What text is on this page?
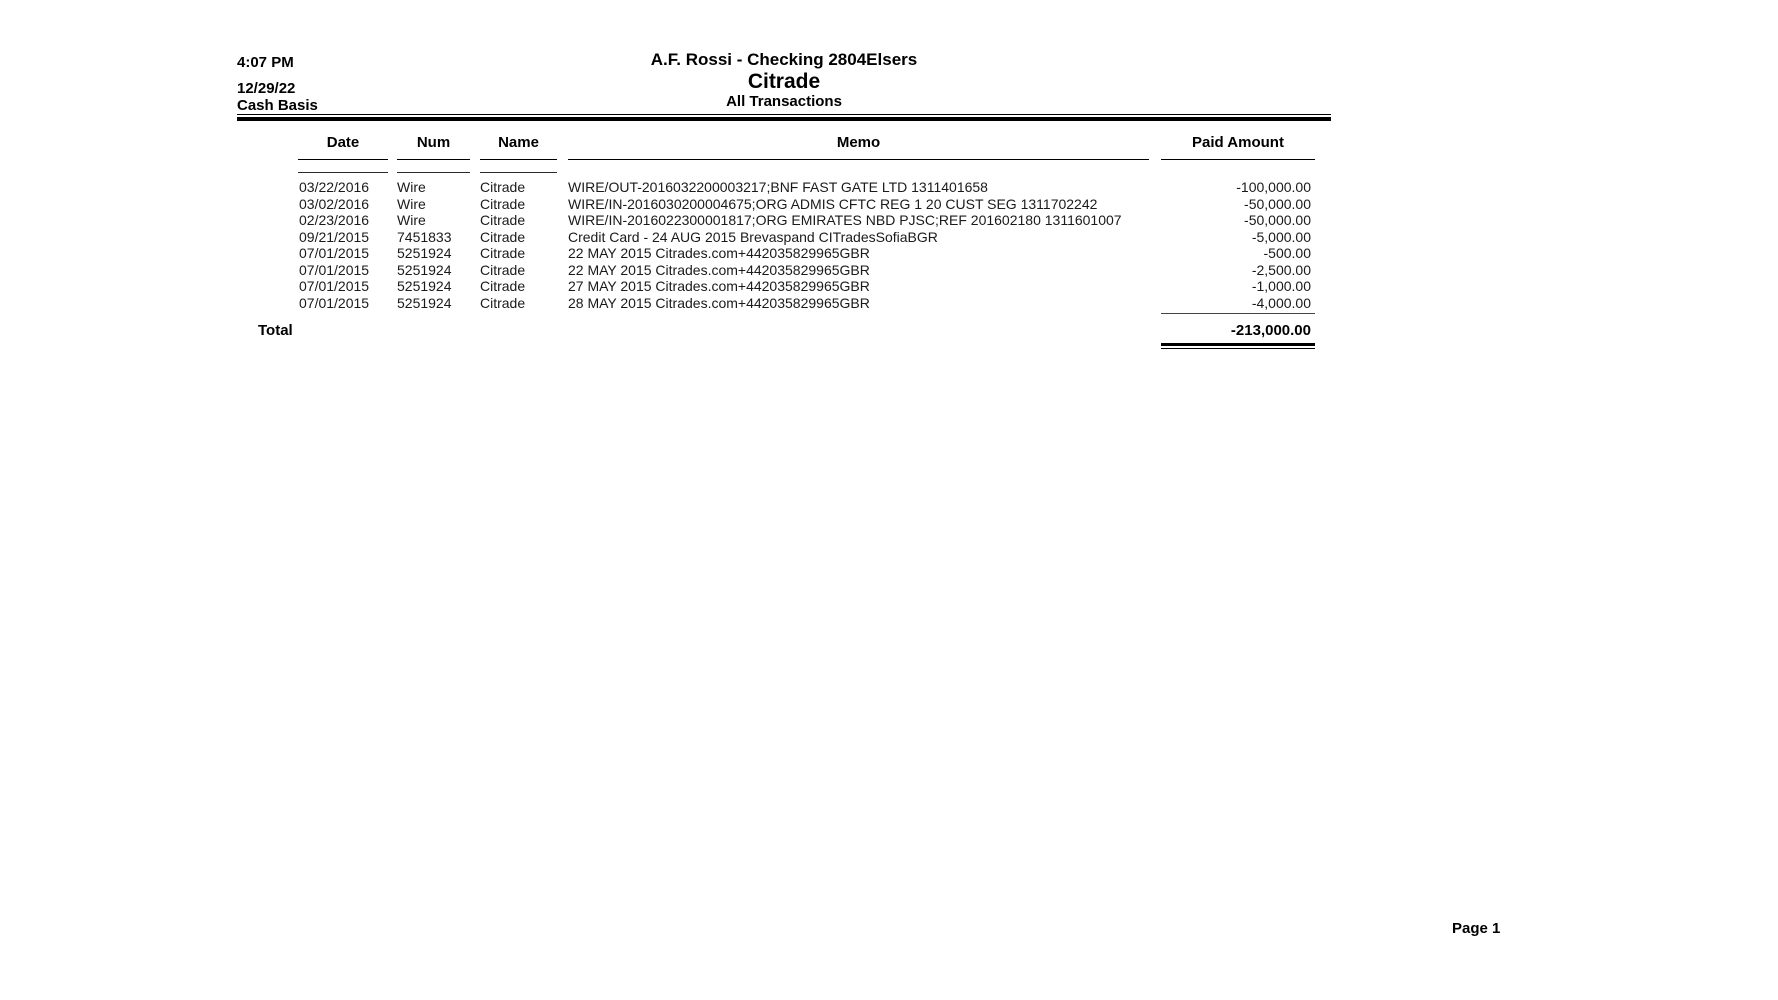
4:07 PM
12/29/22
Cash Basis
A.F. Rossi - Checking 2804Elsers
Citrade
All Transactions
Date	Num	Name	Memo	Paid Amount
03/22/2016	Wire	Citrade	WIRE/OUT-2016032200003217;BNF FAST GATE LTD 1311401658	-100,000.00
03/02/2016	Wire	Citrade	WIRE/IN-2016030200004675;ORG ADMIS CFTC REG 1 20 CUST SEG 1311702242	-50,000.00
02/23/2016	Wire	Citrade	WIRE/IN-2016022300001817;ORG EMIRATES NBD PJSC;REF 201602180 1311601007	-50,000.00
09/21/2015	7451833	Citrade	Credit Card - 24 AUG 2015 Brevaspand CITradesSofiaBGR	-5,000.00
07/01/2015	5251924	Citrade	22 MAY 2015 Citrades.com+442035829965GBR	-500.00
07/01/2015	5251924	Citrade	22 MAY 2015 Citrades.com+442035829965GBR	-2,500.00
07/01/2015	5251924	Citrade	27 MAY 2015 Citrades.com+442035829965GBR	-1,000.00
07/01/2015	5251924	Citrade	28 MAY 2015 Citrades.com+442035829965GBR	-4,000.00
Total	-213,000.00
Page 1
